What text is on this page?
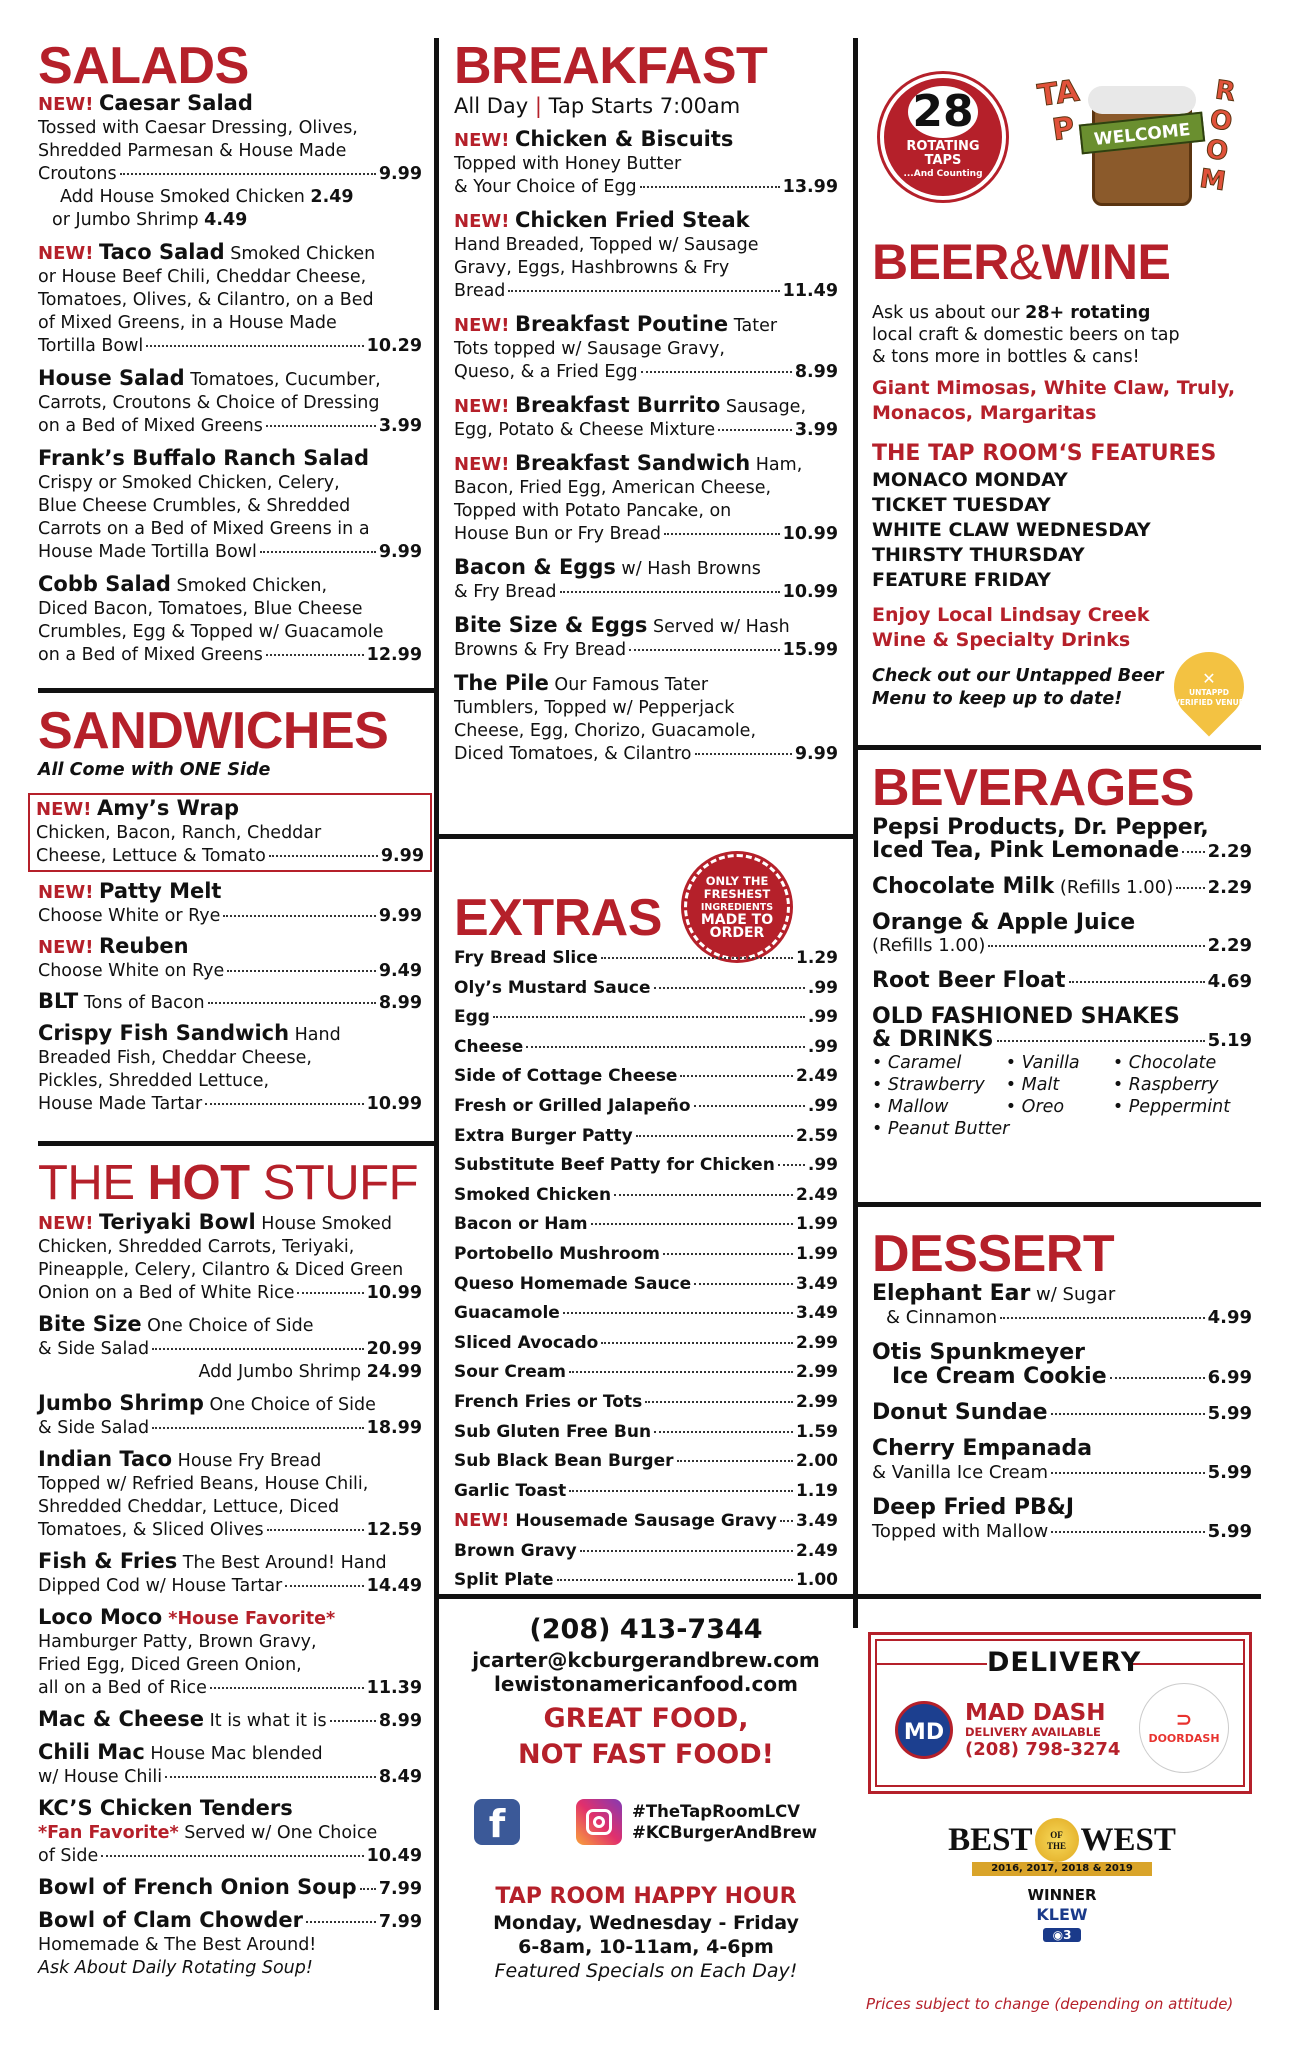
SALADS
NEW! Caesar Salad
Tossed with Caesar Dressing, Olives,
Shredded Parmesan & House Made
Croutons	9.99
Add House Smoked Chicken 2.49
or Jumbo Shrimp 4.49
NEW! Taco Salad Smoked Chicken
or House Beef Chili, Cheddar Cheese,
Tomatoes, Olives, & Cilantro, on a Bed
of Mixed Greens, in a House Made
Tortilla Bowl	10.29
House Salad Tomatoes, Cucumber,
Carrots, Croutons & Choice of Dressing
on a Bed of Mixed Greens	3.99
Frank’s Buffalo Ranch Salad
Crispy or Smoked Chicken, Celery,
Blue Cheese Crumbles, & Shredded
Carrots on a Bed of Mixed Greens in a
House Made Tortilla Bowl	9.99
Cobb Salad Smoked Chicken,
Diced Bacon, Tomatoes, Blue Cheese
Crumbles, Egg & Topped w/ Guacamole
on a Bed of Mixed Greens	12.99
SANDWICHES
All Come with ONE Side
NEW! Amy’s Wrap
Chicken, Bacon, Ranch, Cheddar
Cheese, Lettuce & Tomato	9.99
NEW! Patty Melt
Choose White or Rye	9.99
NEW! Reuben
Choose White on Rye	9.49
BLT Tons of Bacon	8.99
Crispy Fish Sandwich Hand
Breaded Fish, Cheddar Cheese,
Pickles, Shredded Lettuce,
House Made Tartar	10.99
THE HOT STUFF
NEW! Teriyaki Bowl House Smoked
Chicken, Shredded Carrots, Teriyaki,
Pineapple, Celery, Cilantro & Diced Green
Onion on a Bed of White Rice	10.99
Bite Size One Choice of Side
& Side Salad	20.99
Add Jumbo Shrimp 24.99
Jumbo Shrimp One Choice of Side
& Side Salad	18.99
Indian Taco House Fry Bread
Topped w/ Refried Beans, House Chili,
Shredded Cheddar, Lettuce, Diced
Tomatoes, & Sliced Olives	12.59
Fish & Fries The Best Around! Hand
Dipped Cod w/ House Tartar	14.49
Loco Moco *House Favorite*
Hamburger Patty, Brown Gravy,
Fried Egg, Diced Green Onion,
all on a Bed of Rice	11.39
Mac & Cheese It is what it is	8.99
Chili Mac House Mac blended
w/ House Chili	8.49
KC’S Chicken Tenders
*Fan Favorite* Served w/ One Choice
of Side	10.49
Bowl of French Onion Soup 7.99
Bowl of Clam Chowder	7.99
Homemade & The Best Around!
Ask About Daily Rotating Soup!
BREAKFAST
All Day | Tap Starts 7:00am
NEW! Chicken & Biscuits
Topped with Honey Butter
& Your Choice of Egg	13.99
NEW! Chicken Fried Steak
Hand Breaded, Topped w/ Sausage
Gravy, Eggs, Hashbrowns & Fry
Bread	11.49
NEW! Breakfast Poutine Tater
Tots topped w/ Sausage Gravy,
Queso, & a Fried Egg	8.99
NEW! Breakfast Burrito Sausage,
Egg, Potato & Cheese Mixture	3.99
NEW! Breakfast Sandwich Ham,
Bacon, Fried Egg, American Cheese,
Topped with Potato Pancake, on
House Bun or Fry Bread	10.99
Bacon & Eggs w/ Hash Browns
& Fry Bread	10.99
Bite Size & Eggs Served w/ Hash
Browns & Fry Bread	15.99
The Pile Our Famous Tater
Tumblers, Topped w/ Pepperjack
Cheese, Egg, Chorizo, Guacamole,
Diced Tomatoes, & Cilantro	9.99
EXTRAS
ONLY THE
FRESHEST
INGREDIENTS
MADE TO
ORDER
Fry Bread Slice	1.29
Oly’s Mustard Sauce	.99
Egg	.99
Cheese	.99
Side of Cottage Cheese	2.49
Fresh or Grilled Jalapeño	.99
Extra Burger Patty	2.59
Substitute Beef Patty for Chicken .99
Smoked Chicken	2.49
Bacon or Ham	1.99
Portobello Mushroom	1.99
Queso Homemade Sauce	3.49
Guacamole	3.49
Sliced Avocado	2.99
Sour Cream	2.99
French Fries or Tots	2.99
Sub Gluten Free Bun	1.59
Sub Black Bean Burger	2.00
Garlic Toast	1.19
NEW! Housemade Sausage Gravy 3.49
Brown Gravy	2.49
Split Plate	1.00
(208) 413-7344
jcarter@kcburgerandbrew.com
lewistonamericanfood.com
GREAT FOOD,
NOT FAST FOOD!
f	#TheTapRoomLCV
#KCBurgerAndBrew
TAP ROOM HAPPY HOUR
Monday, Wednesday - Friday
6-8am, 10-11am, 4-6pm
Featured Specials on Each Day!
28
ROTATING
TAPS
...And Counting
WELCOME
TAP
ROOM
BEER&WINE

Ask us about our 28+ rotating

local craft & domestic beers on tap

& tons more in bottles & cans!

Giant Mimosas, White Claw, Truly,
Monacos, Margaritas
THE TAP ROOM‘S FEATURES
MONACO MONDAY
TICKET TUESDAY
WHITE CLAW WEDNESDAY
THIRSTY THURSDAY
FEATURE FRIDAY
Enjoy Local Lindsay Creek
Wine & Specialty Drinks
Check out our Untapped Beer
Menu to keep up to date!
✕
UNTAPPD
VERIFIED VENUE
BEVERAGES
Pepsi Products, Dr. Pepper,
Iced Tea, Pink Lemonade 2.29
Chocolate Milk (Refills 1.00) 2.29
Orange & Apple Juice
(Refills 1.00)	2.29
Root Beer Float	4.69
OLD FASHIONED SHAKES
& DRINKS	5.19
• Caramel	• Vanilla	• Chocolate
• Strawberry	• Malt	• Raspberry
• Mallow	• Oreo	• Peppermint
• Peanut Butter
DESSERT
Elephant Ear w/ Sugar
& Cinnamon	4.99
Otis Spunkmeyer
Ice Cream Cookie	6.99
Donut Sundae	5.99
Cherry Empanada
& Vanilla Ice Cream	5.99
Deep Fried PB&J
Topped with Mallow	5.99
DELIVERY
MD
MAD DASH
DELIVERY AVAILABLE
(208) 798-3274
⊃
DOORDASH
BEST	OF
THE WEST
2016, 2017, 2018 & 2019
WINNER
KLEW
◉3
Prices subject to change (depending on attitude)
